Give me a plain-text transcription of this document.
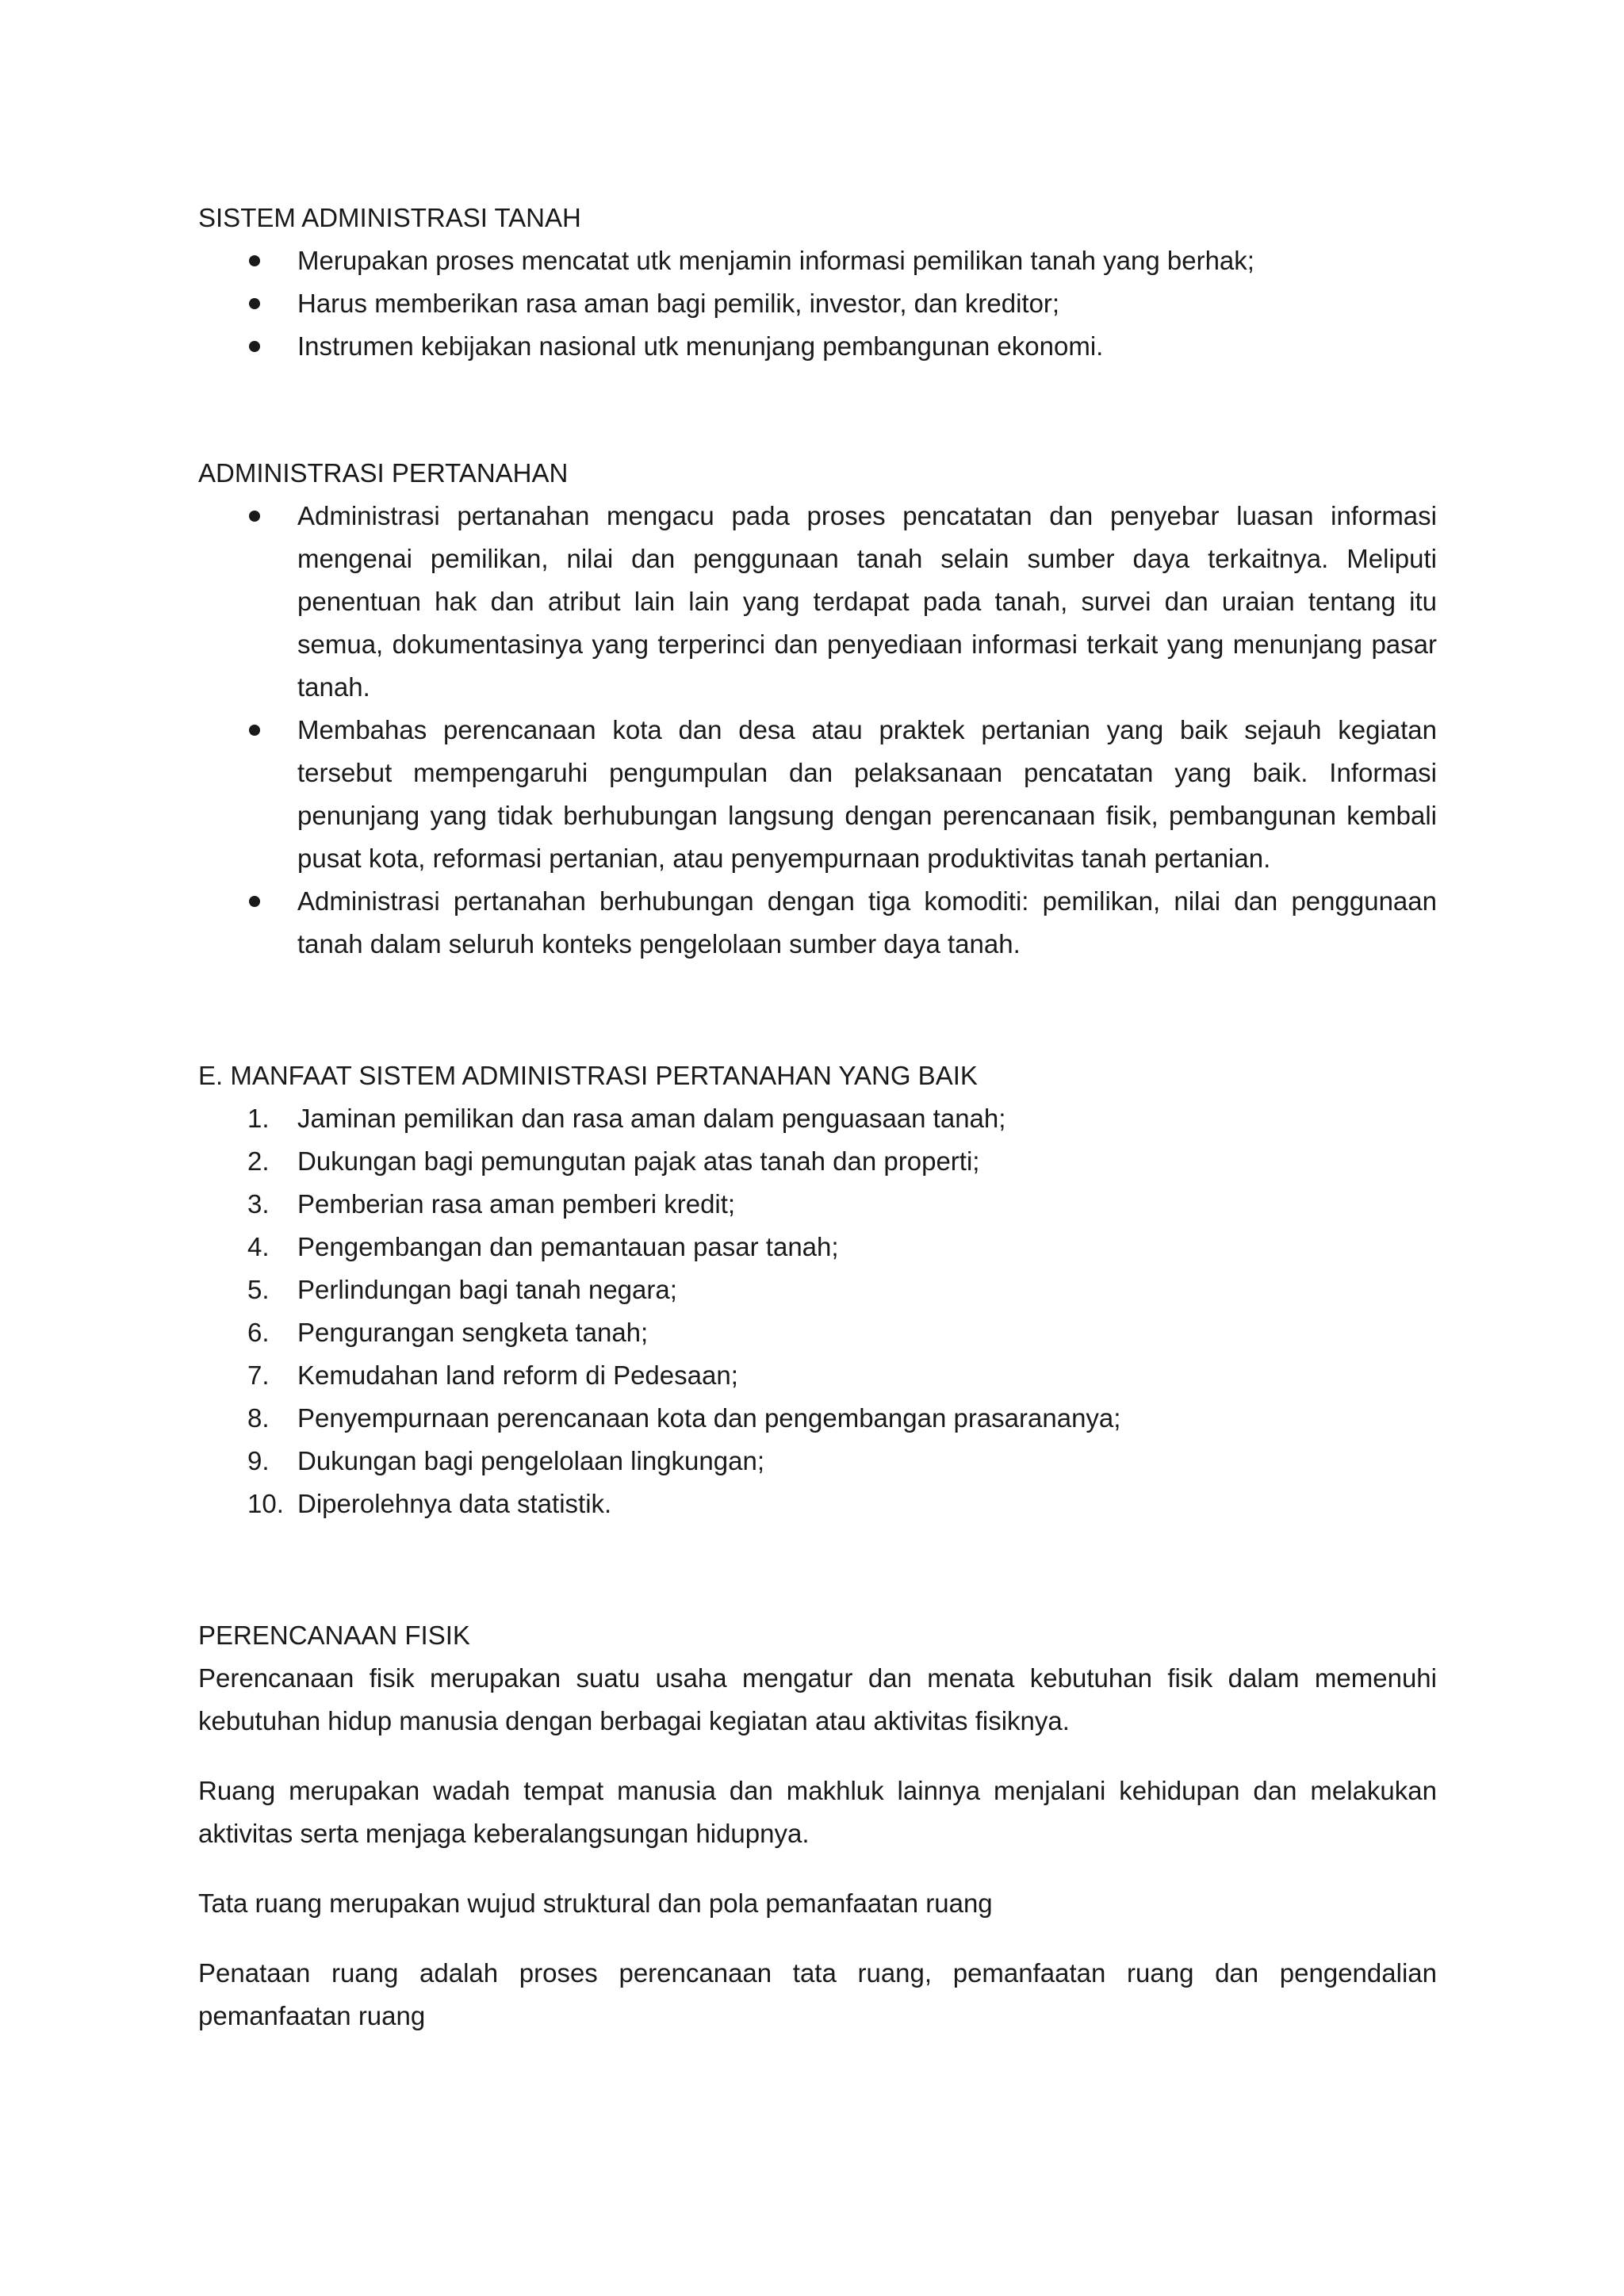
SISTEM ADMINISTRASI TANAH
Merupakan proses mencatat utk menjamin informasi pemilikan tanah yang berhak;
Harus memberikan rasa aman bagi pemilik, investor, dan kreditor;
Instrumen kebijakan nasional utk menunjang pembangunan ekonomi.
ADMINISTRASI PERTANAHAN
Administrasi pertanahan mengacu pada proses pencatatan dan penyebar luasan informasi mengenai pemilikan, nilai dan penggunaan tanah selain sumber daya terkaitnya. Meliputi penentuan hak dan atribut lain lain yang terdapat pada tanah, survei dan uraian tentang itu semua, dokumentasinya yang terperinci dan penyediaan informasi terkait yang menunjang pasar tanah.
Membahas perencanaan kota dan desa atau praktek pertanian yang baik sejauh kegiatan tersebut mempengaruhi pengumpulan dan pelaksanaan pencatatan yang baik. Informasi penunjang yang tidak berhubungan langsung dengan perencanaan fisik, pembangunan kembali pusat kota, reformasi pertanian, atau penyempurnaan produktivitas tanah pertanian.
Administrasi pertanahan berhubungan dengan tiga komoditi: pemilikan, nilai dan penggunaan tanah dalam seluruh konteks pengelolaan sumber daya tanah.
E. MANFAAT SISTEM ADMINISTRASI PERTANAHAN YANG BAIK
1.	Jaminan pemilikan dan rasa aman dalam penguasaan tanah;
2.	Dukungan bagi pemungutan pajak atas tanah dan properti;
3.	Pemberian rasa aman pemberi kredit;
4.	Pengembangan dan pemantauan pasar tanah;
5.	Perlindungan bagi tanah negara;
6.	Pengurangan sengketa tanah;
7.	Kemudahan land reform di Pedesaan;
8.	Penyempurnaan perencanaan kota dan pengembangan prasarananya;
9.	Dukungan bagi pengelolaan lingkungan;
10. Diperolehnya data statistik.
PERENCANAAN FISIK

Perencanaan fisik merupakan suatu usaha mengatur dan menata kebutuhan fisik dalam memenuhi kebutuhan hidup manusia dengan berbagai kegiatan atau aktivitas fisiknya.

Ruang merupakan wadah tempat manusia dan makhluk lainnya menjalani kehidupan dan melakukan aktivitas serta menjaga keberalangsungan hidupnya.

Tata ruang merupakan wujud struktural dan pola pemanfaatan ruang

Penataan ruang adalah proses perencanaan tata ruang, pemanfaatan ruang dan pengendalian pemanfaatan ruang
